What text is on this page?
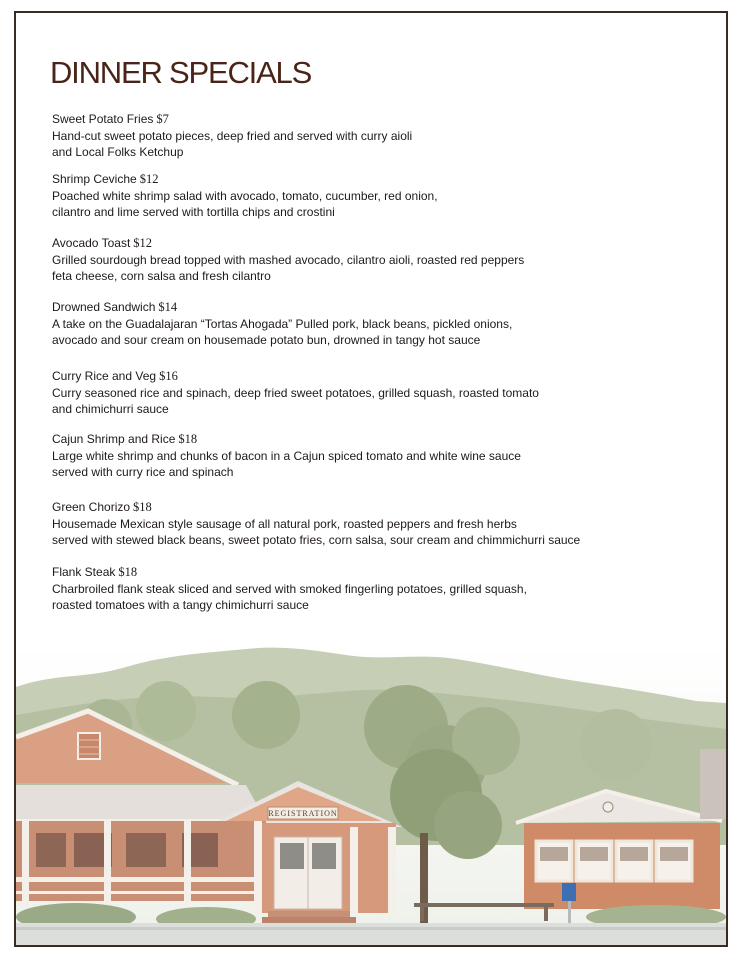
DINNER SPECIALS
Sweet Potato Fries $7
Hand-cut sweet potato pieces, deep fried and served with curry aioli
and Local Folks Ketchup
Shrimp Ceviche $12
Poached white shrimp salad with avocado, tomato, cucumber, red onion,
cilantro and lime served with tortilla chips and crostini
Avocado Toast $12
Grilled sourdough bread topped with mashed avocado, cilantro aioli, roasted red peppers
feta cheese, corn salsa and fresh cilantro
Drowned Sandwich $14
A take on the Guadalajaran “Tortas Ahogada” Pulled pork, black beans, pickled onions,
avocado and sour cream on housemade potato bun, drowned in tangy hot sauce
Curry Rice and Veg $16
Curry seasoned rice and spinach, deep fried sweet potatoes, grilled squash, roasted tomato
and chimichurri sauce
Cajun Shrimp and Rice $18
Large white shrimp and chunks of bacon in a Cajun spiced tomato and white wine sauce
served with curry rice and spinach
Green Chorizo $18
Housemade Mexican style sausage of all natural pork, roasted peppers and fresh herbs
served with stewed black beans, sweet potato fries, corn salsa, sour cream and chimmichurri sauce
Flank Steak $18
Charbroiled flank steak sliced and served with smoked fingerling potatoes, grilled squash,
roasted tomatoes with a tangy chimichurri sauce
REGISTRATION
